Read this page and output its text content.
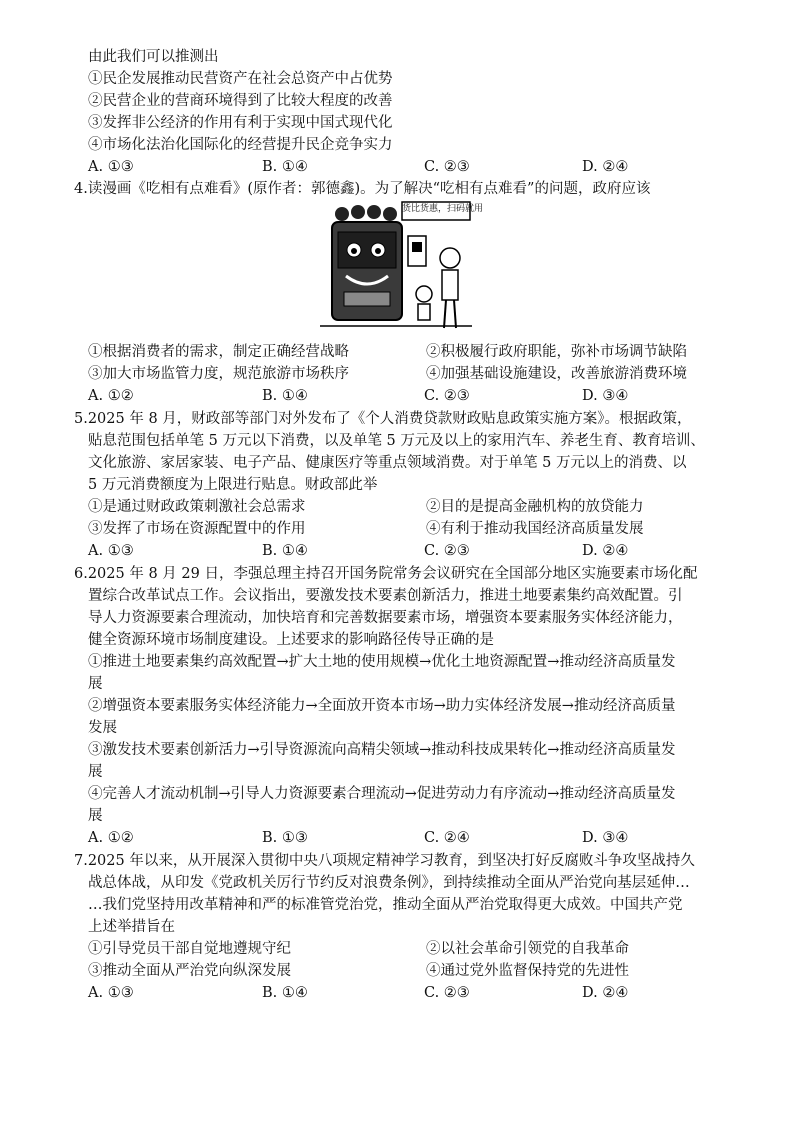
由此我们可以推测出
①民企发展推动民营资产在社会总资产中占优势
②民营企业的营商环境得到了比较大程度的改善
③发挥非公经济的作用有利于实现中国式现代化
④市场化法治化国际化的经营提升民企竞争实力
A. ①③	B. ①④	C. ②③	D. ②④
4.读漫画《吃相有点难看》(原作者：郭德鑫)。为了解决“吃相有点难看”的问题，政府应该
货比货惠，扫码就用
①根据消费者的需求，制定正确经营战略	②积极履行政府职能，弥补市场调节缺陷
③加大市场监管力度，规范旅游市场秩序	④加强基础设施建设，改善旅游消费环境
A. ①②	B. ①④	C. ②③	D. ③④
5.2025 年 8 月，财政部等部门对外发布了《个人消费贷款财政贴息政策实施方案》。根据政策，
贴息范围包括单笔 5 万元以下消费，以及单笔 5 万元及以上的家用汽车、养老生育、教育培训、
文化旅游、家居家装、电子产品、健康医疗等重点领域消费。对于单笔 5 万元以上的消费、以
5 万元消费额度为上限进行贴息。财政部此举
①是通过财政政策刺激社会总需求	②目的是提高金融机构的放贷能力
③发挥了市场在资源配置中的作用	④有利于推动我国经济高质量发展
A. ①③	B. ①④	C. ②③	D. ②④
6.2025 年 8 月 29 日，李强总理主持召开国务院常务会议研究在全国部分地区实施要素市场化配
置综合改革试点工作。会议指出，要激发技术要素创新活力，推进土地要素集约高效配置。引
导人力资源要素合理流动，加快培育和完善数据要素市场，增强资本要素服务实体经济能力，
健全资源环境市场制度建设。上述要求的影响路径传导正确的是
①推进土地要素集约高效配置→扩大土地的使用规模→优化土地资源配置→推动经济高质量发
展
②增强资本要素服务实体经济能力→全面放开资本市场→助力实体经济发展→推动经济高质量
发展
③激发技术要素创新活力→引导资源流向高精尖领域→推动科技成果转化→推动经济高质量发
展
④完善人才流动机制→引导人力资源要素合理流动→促进劳动力有序流动→推动经济高质量发
展
A. ①②	B. ①③	C. ②④	D. ③④
7.2025 年以来，从开展深入贯彻中央八项规定精神学习教育，到坚决打好反腐败斗争攻坚战持久
战总体战，从印发《党政机关厉行节约反对浪费条例》，到持续推动全面从严治党向基层延伸…
…我们党坚持用改革精神和严的标准管党治党，推动全面从严治党取得更大成效。中国共产党
上述举措旨在
①引导党员干部自觉地遵规守纪	②以社会革命引领党的自我革命
③推动全面从严治党向纵深发展	④通过党外监督保持党的先进性
A. ①③	B. ①④	C. ②③	D. ②④
